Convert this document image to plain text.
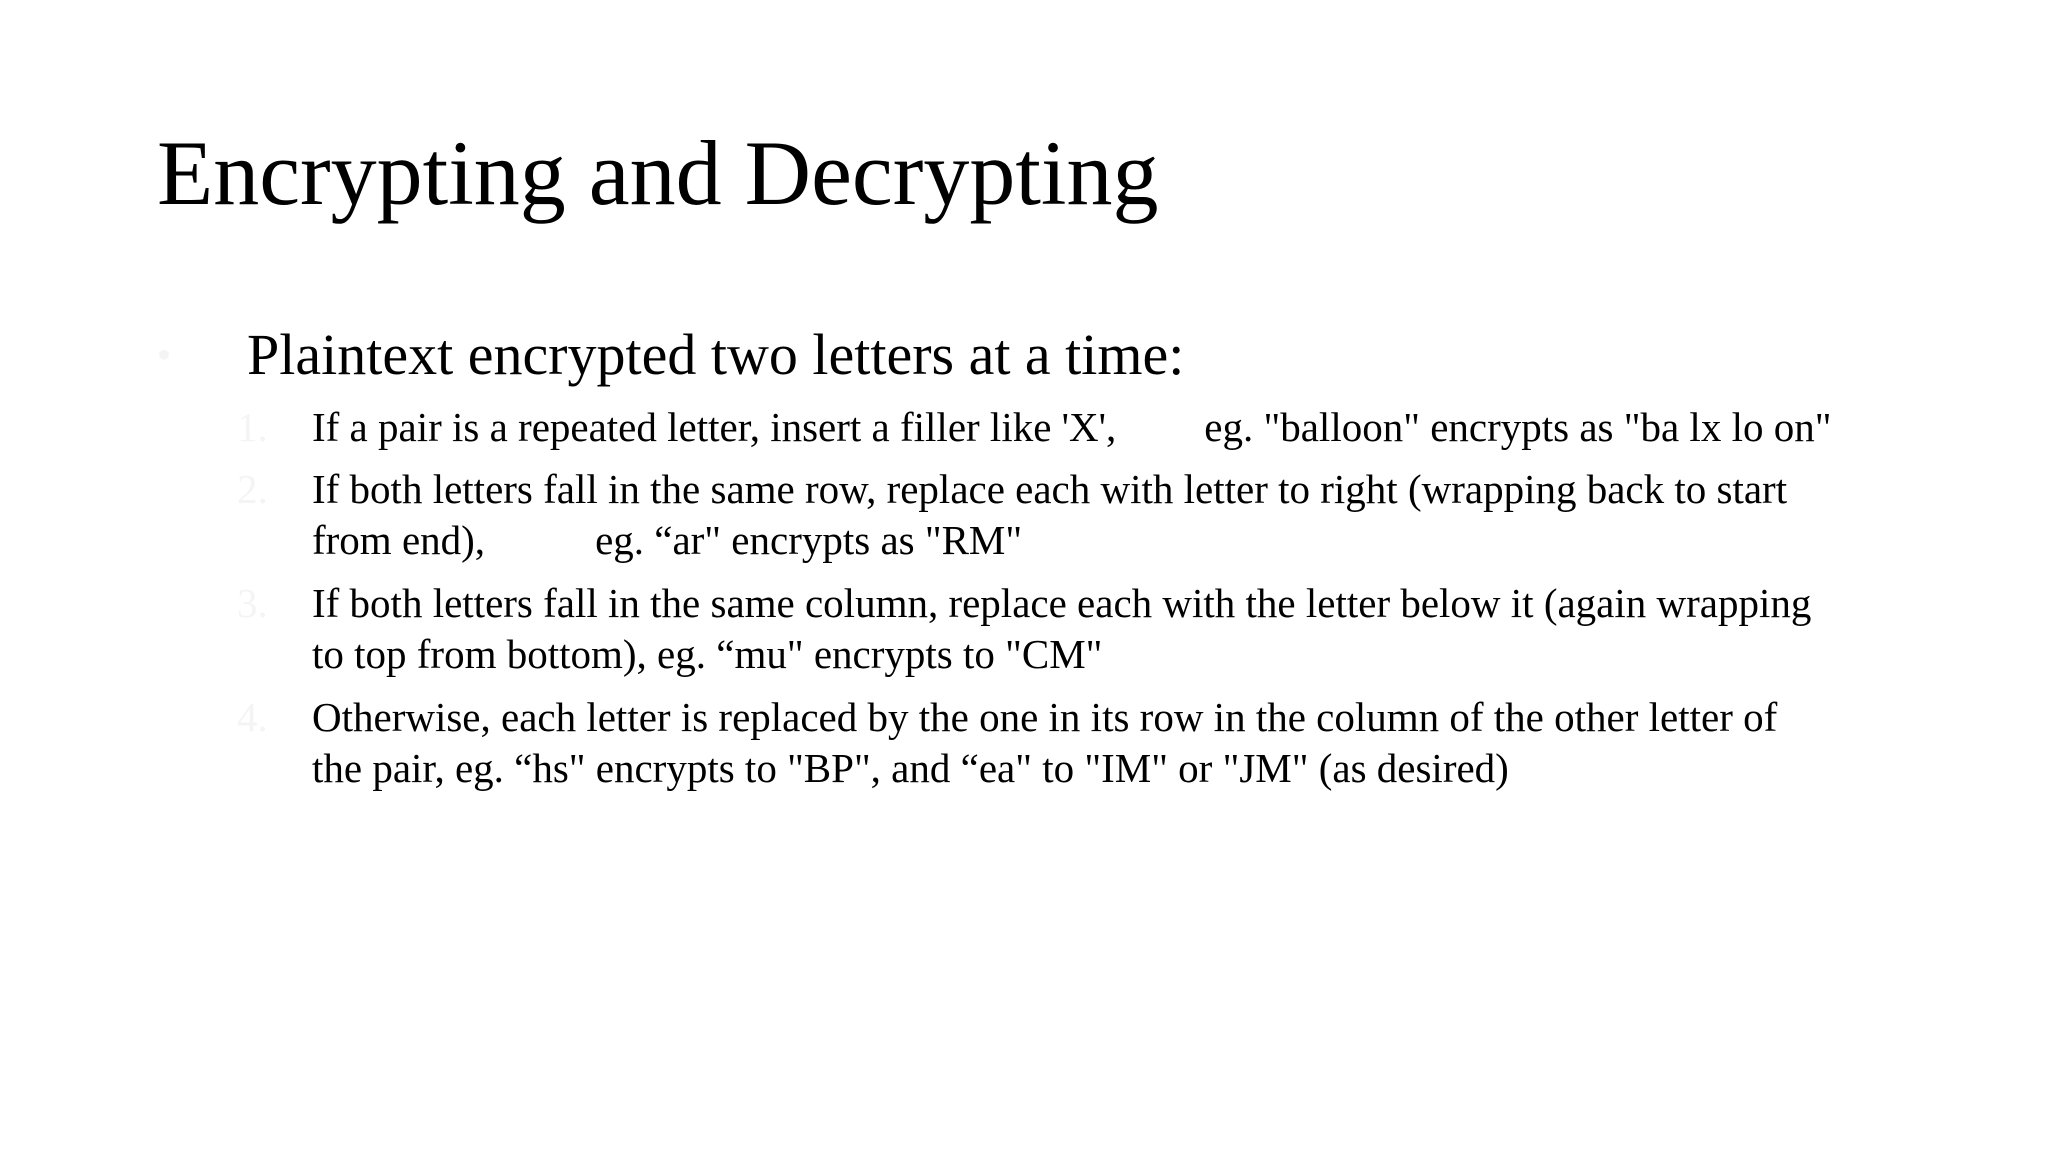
Encrypting and Decrypting
• Plaintext encrypted two letters at a time:
1. If a pair is a repeated letter, insert a filler like 'X', eg. "balloon" encrypts as "ba lx lo on"
2. If both letters fall in the same row, replace each with letter to right (wrapping back to start
from end),	eg. “ar" encrypts as "RM"
3. If both letters fall in the same column, replace each with the letter below it (again wrapping
to top from bottom), eg. “mu" encrypts to "CM"
4. Otherwise, each letter is replaced by the one in its row in the column of the other letter of
the pair, eg. “hs" encrypts to "BP", and “ea" to "IM" or "JM" (as desired)
